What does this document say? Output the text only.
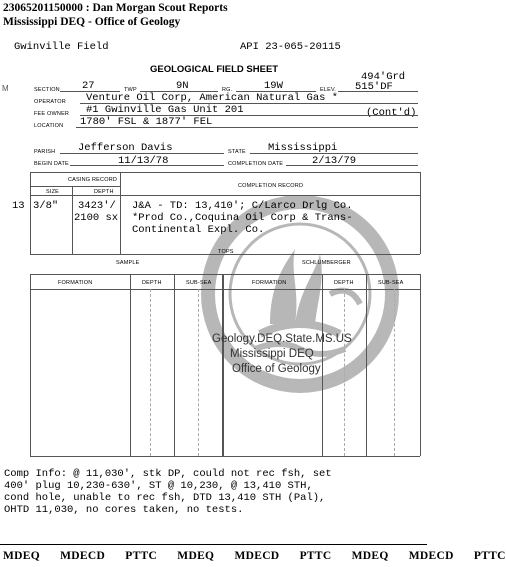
23065201150000 : Dan Morgan Scout Reports
Mississippi DEQ - Office of Geology
Gwinville Field	API 23-065-20115
GEOLOGICAL FIELD SHEET
M
494'Grd
SECTION 27	TWP	9N	RG.	19W	ELEV. 515'DF
OPERATOR Venture Oil Corp, American Natural Gas *
FEE OWNER #1 Gwinville Gas Unit 201	(Cont'd)
LOCATION 1780' FSL & 1877' FEL
PARISH Jefferson Davis	STATE Mississippi
BEGIN DATE	11/13/78	COMPLETION DATE	2/13/79
CASING RECORD
SIZE	DEPTH
COMPLETION RECORD
13 3/8" 3423'/
2100 sx
J&A - TD: 13,410'; C/Larco Drlg Co.
*Prod Co.,Coquina Oil Corp & Trans-
Continental Expl. Co.
TOPS
SAMPLE	SCHLUMBERGER
FORMATION	DEPTH	SUB-SEA	FORMATION	DEPTH	SUB-SEA
Geology.DEQ.State.MS.US
Mississippi DEQ
Office of Geology
Comp Info: @ 11,030', stk DP, could not rec fsh, set
400' plug 10,230-630', ST @ 10,230, @ 13,410 STH,
cond hole, unable to rec fsh, DTD 13,410 STH (Pal),
OHTD 11,030, no cores taken, no tests.
MDEQ MDECD PTTC MDEQ MDECD PTTC MDEQ MDECD PTTC
